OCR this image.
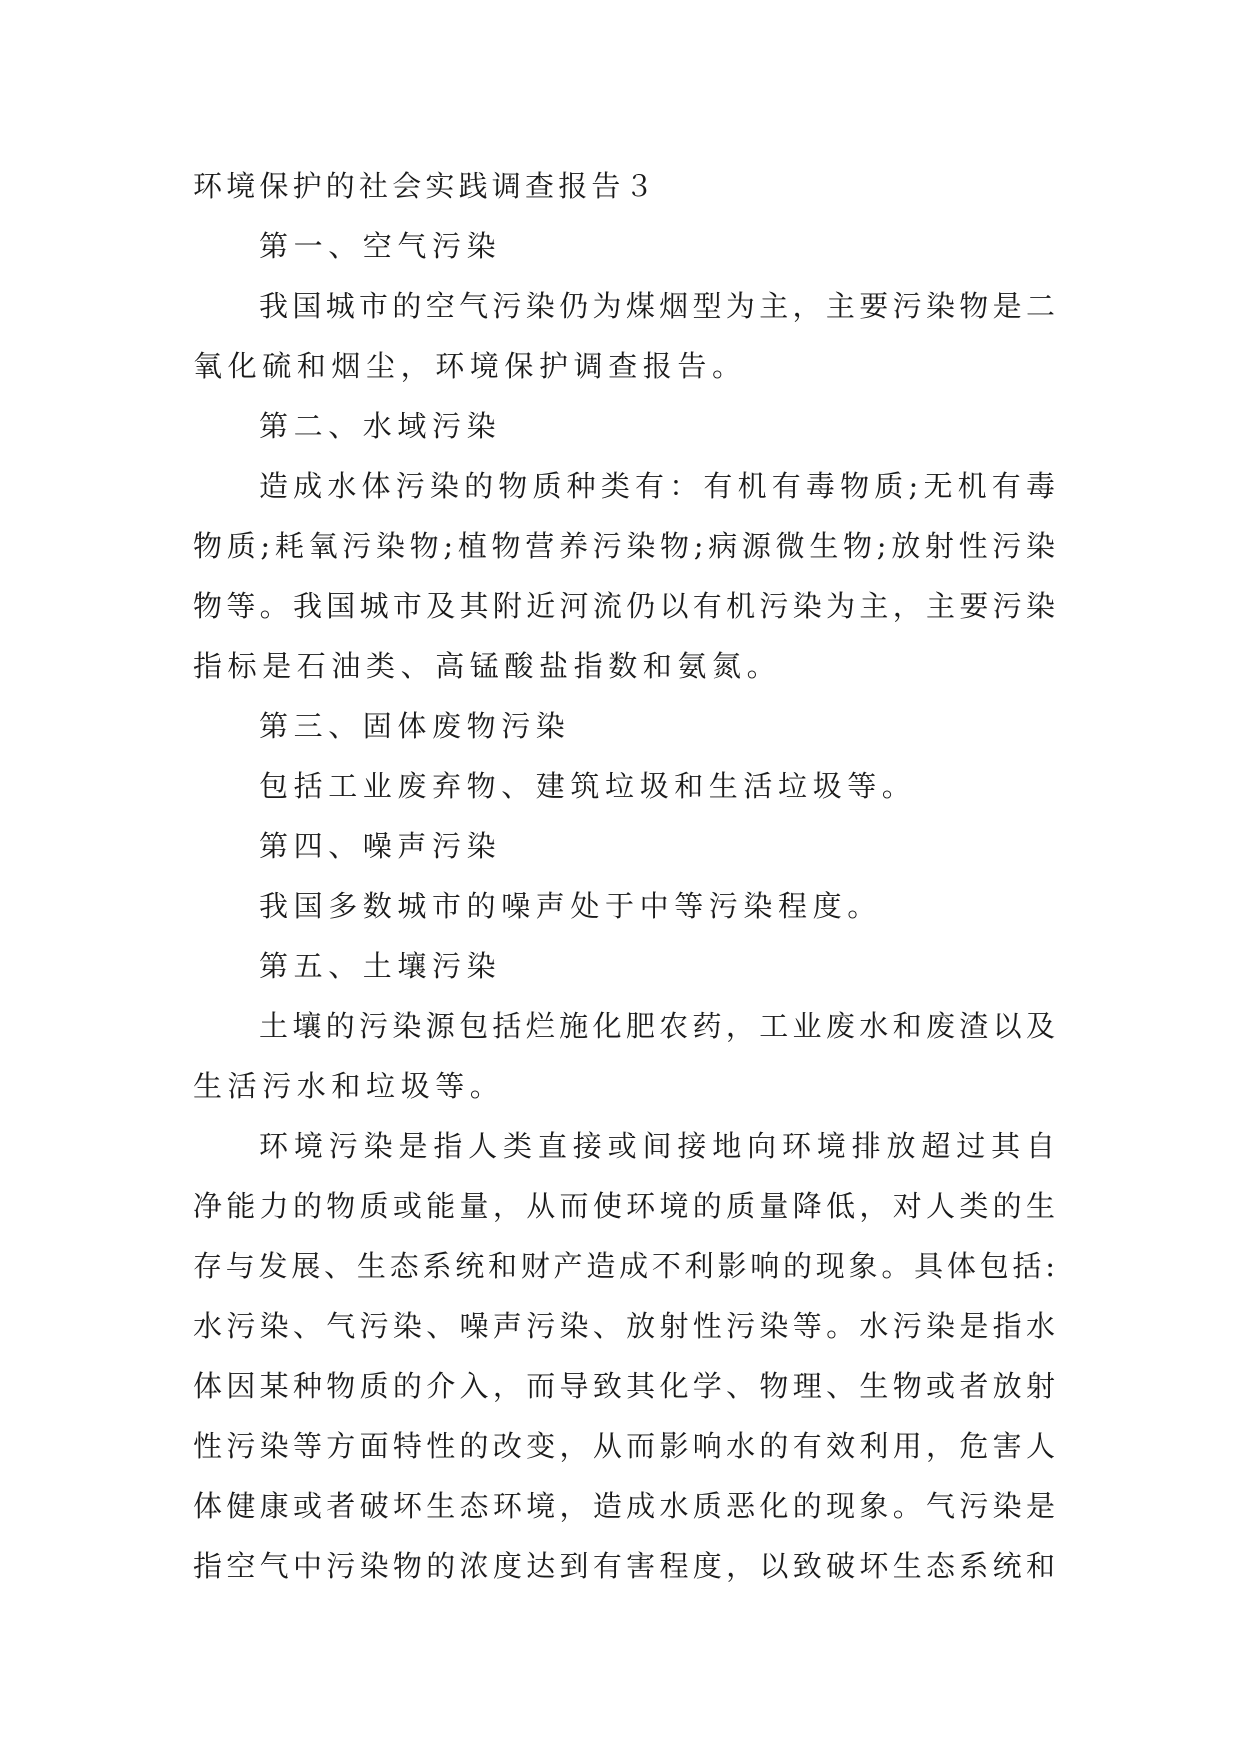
环境保护的社会实践调查报告３
第一、空气污染
我国城市的空气污染仍为煤烟型为主，主要污染物是二
氧化硫和烟尘，环境保护调查报告。
第二、水域污染
造成水体污染的物质种类有：有机有毒物质;无机有毒
物质;耗氧污染物;植物营养污染物;病源微生物;放射性污染
物等。我国城市及其附近河流仍以有机污染为主，主要污染
指标是石油类、高锰酸盐指数和氨氮。
第三、固体废物污染
包括工业废弃物、建筑垃圾和生活垃圾等。
第四、噪声污染
我国多数城市的噪声处于中等污染程度。
第五、土壤污染
土壤的污染源包括烂施化肥农药，工业废水和废渣以及
生活污水和垃圾等。
环境污染是指人类直接或间接地向环境排放超过其自
净能力的物质或能量，从而使环境的质量降低，对人类的生
存与发展、生态系统和财产造成不利影响的现象。具体包括:
水污染、气污染、噪声污染、放射性污染等。水污染是指水
体因某种物质的介入，而导致其化学、物理、生物或者放射
性污染等方面特性的改变，从而影响水的有效利用，危害人
体健康或者破坏生态环境，造成水质恶化的现象。气污染是
指空气中污染物的浓度达到有害程度，以致破坏生态系统和
